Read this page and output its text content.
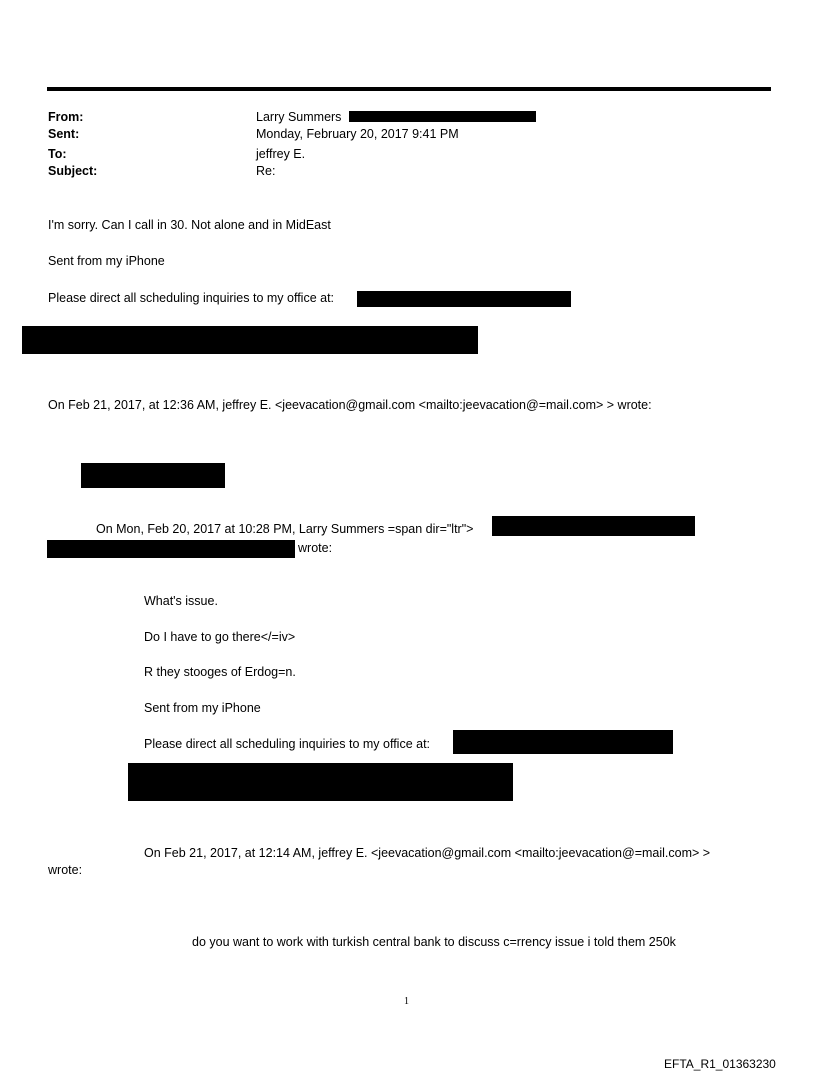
From:	Larry Summers
Sent:	Monday, February 20, 2017 9:41 PM
To:	jeffrey E.
Subject:	Re:
I'm sorry. Can I call in 30. Not alone and in MidEast
Sent from my iPhone
Please direct all scheduling inquiries to my office at:
On Feb 21, 2017, at 12:36 AM, jeffrey E. <jeevacation@gmail.com <mailto:jeevacation@=mail.com> > wrote:
On Mon, Feb 20, 2017 at 10:28 PM, Larry Summers =span dir="ltr">
wrote:
What's issue.
Do I have to go there</=iv>
R they stooges of Erdog=n.
Sent from my iPhone
Please direct all scheduling inquiries to my office at:
On Feb 21, 2017, at 12:14 AM, jeffrey E. <jeevacation@gmail.com <mailto:jeevacation@=mail.com> >
wrote:
do you want to work with turkish central bank to discuss c=rrency issue i told them 250k
1
EFTA_R1_01363230
